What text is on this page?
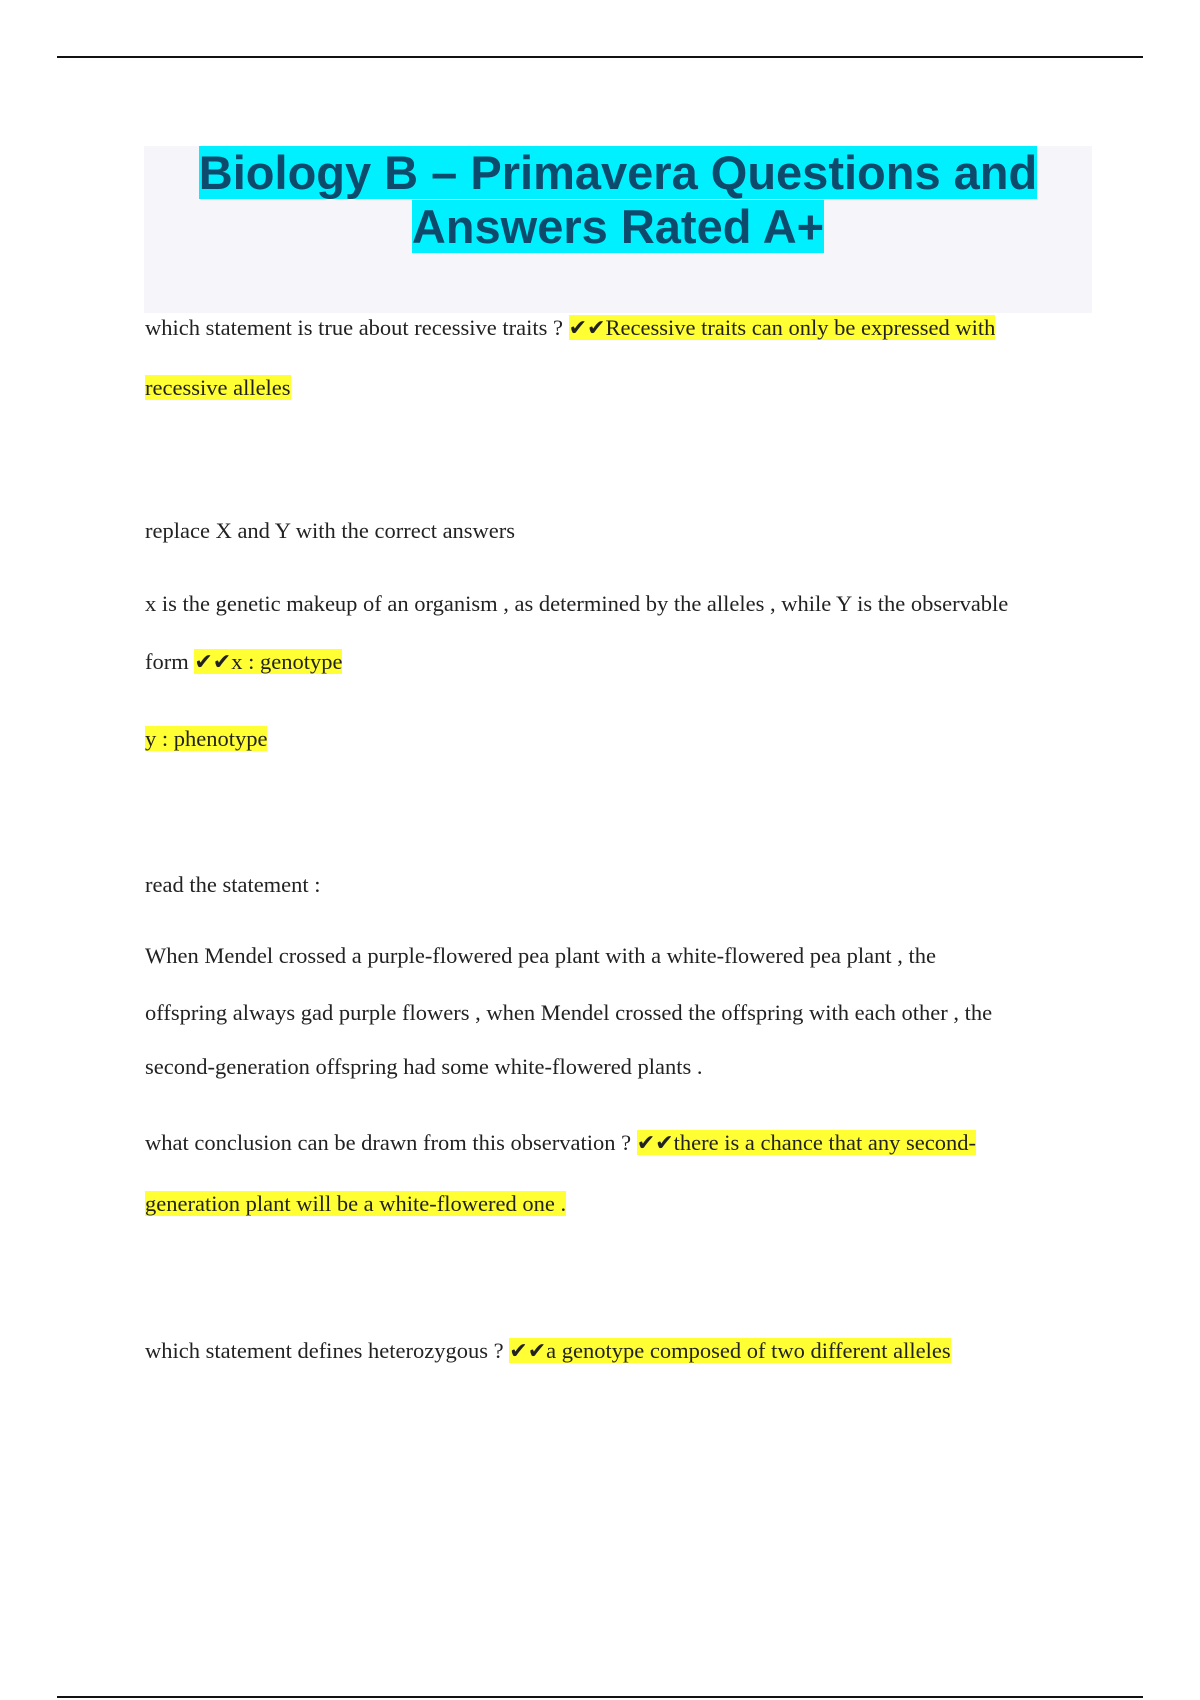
Biology B – Primavera Questions and
Answers Rated A+
which statement is true about recessive traits ? ✔✔Recessive traits can only be expressed with
recessive alleles
replace X and Y with the correct answers
x is the genetic makeup of an organism , as determined by the alleles , while Y is the observable
form ✔✔x : genotype
y : phenotype
read the statement :
When Mendel crossed a purple-flowered pea plant with a white-flowered pea plant , the
offspring always gad purple flowers , when Mendel crossed the offspring with each other , the
second-generation offspring had some white-flowered plants .
what conclusion can be drawn from this observation ? ✔✔there is a chance that any second-
generation plant will be a white-flowered one .
which statement defines heterozygous ? ✔✔a genotype composed of two different alleles
